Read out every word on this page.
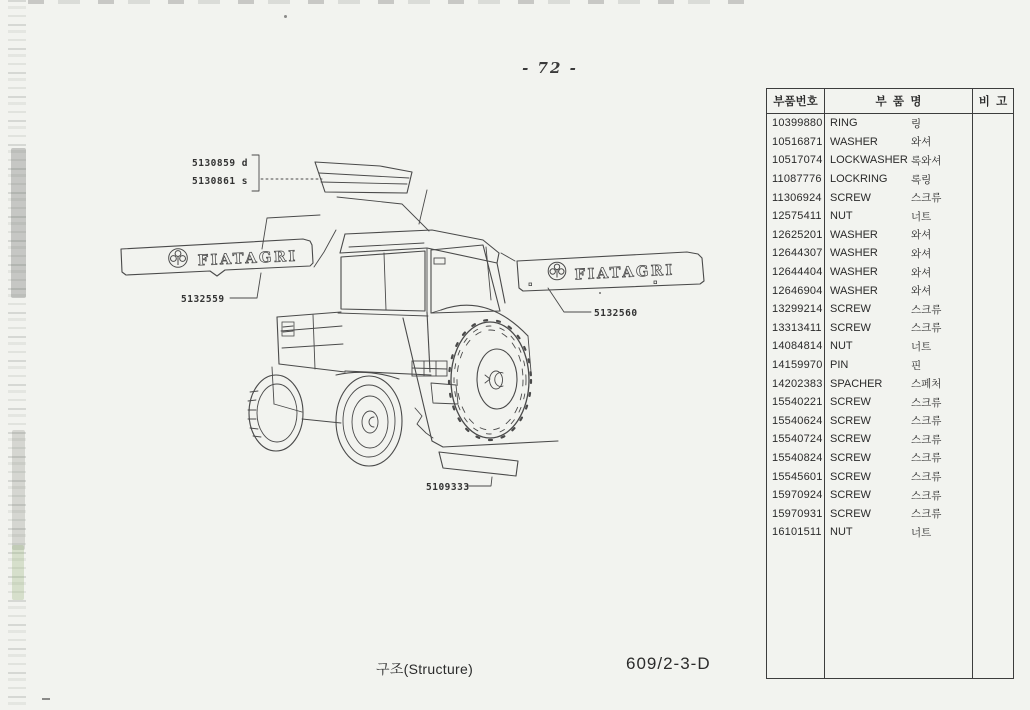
- 72 -
5130859 d
5130861 s
FIATAGRI
5132559
FIATAGRI
5132560
5109333
부품번호	부  품  명	비  고
10399880 RING	링
10516871 WASHER	와셔
10517074 LOCKWASHER 록와셔
11087776 LOCKRING	록링
11306924 SCREW	스크류
12575411 NUT	너트
12625201 WASHER	와셔
12644307 WASHER	와셔
12644404 WASHER	와셔
12646904 WASHER	와셔
13299214 SCREW	스크류
13313411 SCREW	스크류
14084814 NUT	너트
14159970 PIN	핀
14202383 SPACHER	스페처
15540221 SCREW	스크류
15540624 SCREW	스크류
15540724 SCREW	스크류
15540824 SCREW	스크류
15545601 SCREW	스크류
15970924 SCREW	스크류
15970931 SCREW	스크류
16101511 NUT	너트
구조(Structure)	609/2-3-D
